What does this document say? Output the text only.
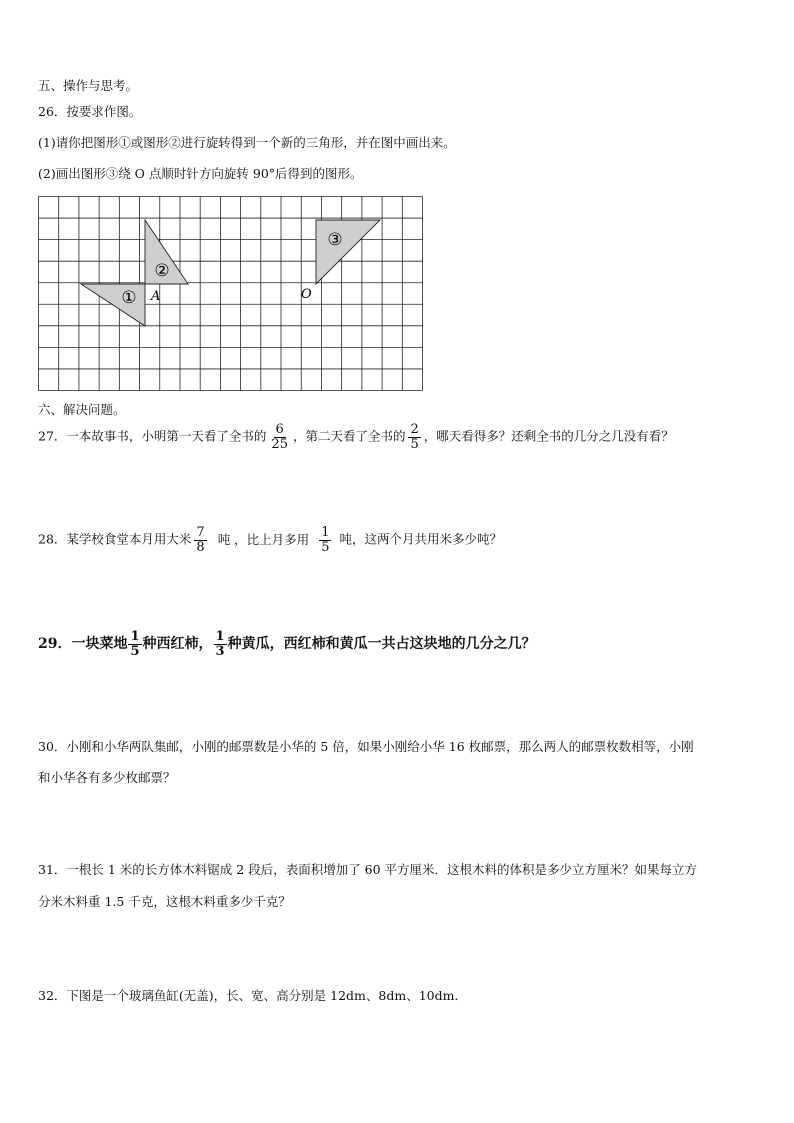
五、操作与思考。
26．按要求作图。
(1)请你把图形①或图形②进行旋转得到一个新的三角形，并在图中画出来。
(2)画出图形③绕 O 点顺时针方向旋转 90°后得到的图形。
①
②
③
A	O
六、解决问题。
27．一本故事书，小明第一天看了全书的 $\frac{6}{25}$ ，第二天看了全书的 $\frac{2}{5}$ ，哪天看得多？还剩全书的几分之几没有看？
28．某学校食堂本月用大米 $\frac{7}{8}$ 吨 ，比上月多用 $\frac{1}{5}$ 吨，这两个月共用米多少吨？
29．一块菜地 $\frac{1}{5}$ 种西红柿， $\frac{1}{3}$ 种黄瓜，西红柿和黄瓜一共占这块地的几分之几？
30．小刚和小华两队集邮，小刚的邮票数是小华的 5 倍，如果小刚给小华 16 枚邮票，那么两人的邮票枚数相等，小刚
和小华各有多少枚邮票？
31．一根长 1 米的长方体木料锯成 2 段后，表面积增加了 60 平方厘米．这根木料的体积是多少立方厘米？如果每立方
分米木料重 1.5 千克，这根木料重多少千克？
32．下图是一个玻璃鱼缸(无盖)，长、宽、高分别是 12dm、8dm、10dm．
